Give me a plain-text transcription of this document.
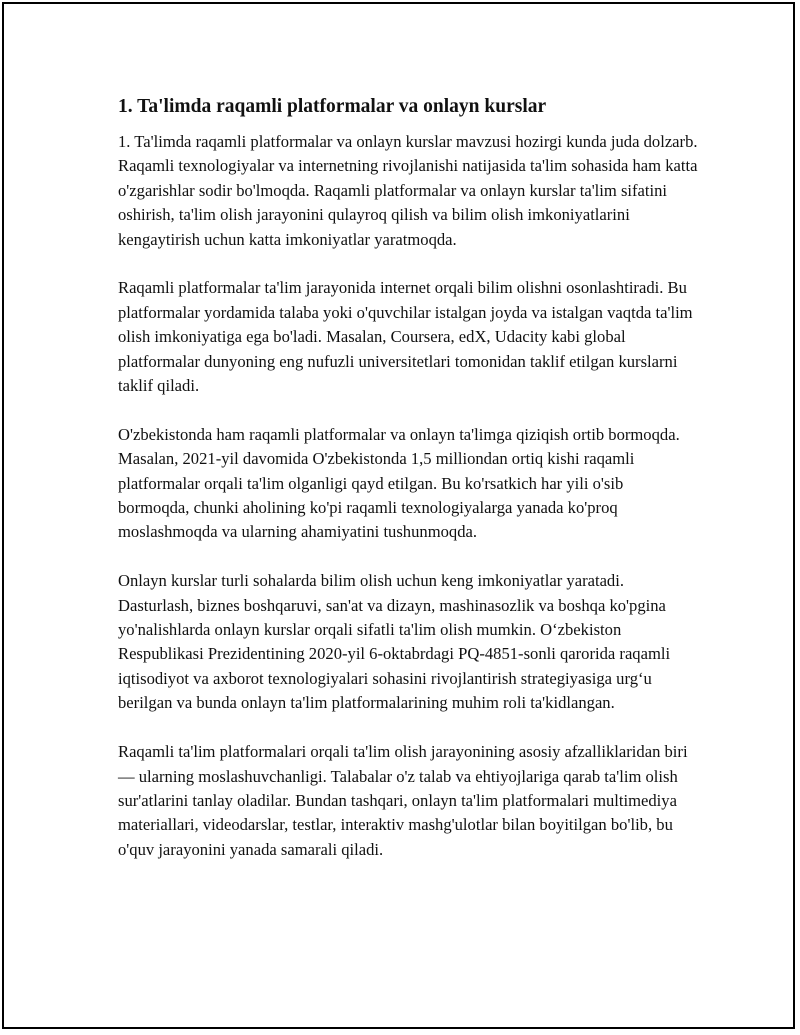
1. Ta'limda raqamli platformalar va onlayn kurslar

1. Ta'limda raqamli platformalar va onlayn kurslar mavzusi hozirgi kunda juda dolzarb. Raqamli texnologiyalar va internetning rivojlanishi natijasida ta'lim sohasida ham katta o'zgarishlar sodir bo'lmoqda. Raqamli platformalar va onlayn kurslar ta'lim sifatini oshirish, ta'lim olish jarayonini qulayroq qilish va bilim olish imkoniyatlarini kengaytirish uchun katta imkoniyatlar yaratmoqda.

Raqamli platformalar ta'lim jarayonida internet orqali bilim olishni osonlashtiradi. Bu platformalar yordamida talaba yoki o'quvchilar istalgan joyda va istalgan vaqtda ta'lim olish imkoniyatiga ega bo'ladi. Masalan, Coursera, edX, Udacity kabi global platformalar dunyoning eng nufuzli universitetlari tomonidan taklif etilgan kurslarni taklif qiladi.

O'zbekistonda ham raqamli platformalar va onlayn ta'limga qiziqish ortib bormoqda. Masalan, 2021-yil davomida O'zbekistonda 1,5 milliondan ortiq kishi raqamli platformalar orqali ta'lim olganligi qayd etilgan. Bu ko'rsatkich har yili o'sib bormoqda, chunki aholining ko'pi raqamli texnologiyalarga yanada ko'proq moslashmoqda va ularning ahamiyatini tushunmoqda.

Onlayn kurslar turli sohalarda bilim olish uchun keng imkoniyatlar yaratadi. Dasturlash, biznes boshqaruvi, san'at va dizayn, mashinasozlik va boshqa ko'pgina yo'nalishlarda onlayn kurslar orqali sifatli ta'lim olish mumkin. O‘zbekiston Respublikasi Prezidentining 2020-yil 6-oktabrdagi PQ-4851-sonli qarorida raqamli iqtisodiyot va axborot texnologiyalari sohasini rivojlantirish strategiyasiga urg‘u berilgan va bunda onlayn ta'lim platformalarining muhim roli ta'kidlangan.

Raqamli ta'lim platformalari orqali ta'lim olish jarayonining asosiy afzalliklaridan biri — ularning moslashuvchanligi. Talabalar o'z talab va ehtiyojlariga qarab ta'lim olish sur'atlarini tanlay oladilar. Bundan tashqari, onlayn ta'lim platformalari multimediya materiallari, videodarslar, testlar, interaktiv mashg'ulotlar bilan boyitilgan bo'lib, bu o'quv jarayonini yanada samarali qiladi.
